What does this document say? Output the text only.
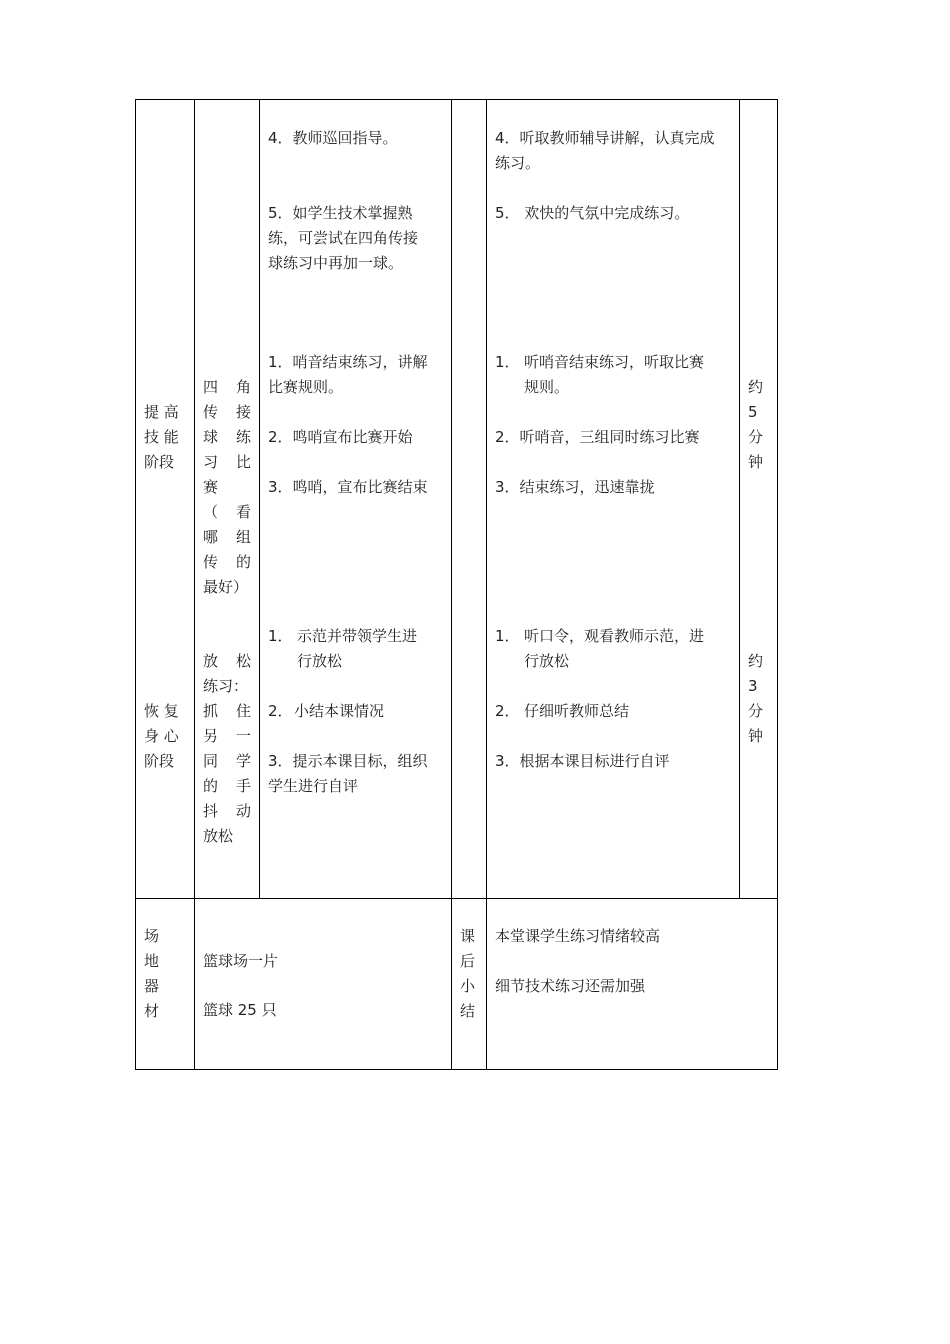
提 高
技 能
阶段
四 角
传 接
球 练
习 比
赛
（ 看
哪 组
传 的
最好）
4．教师巡回指导。
5．如学生技术掌握熟
练，可尝试在四角传接
球练习中再加一球。
1．哨音结束练习，讲解
比赛规则。
2．鸣哨宣布比赛开始
3．鸣哨，宣布比赛结束
4．听取教师辅导讲解，认真完成
练习。
5． 欢快的气氛中完成练习。
1． 听哨音结束练习，听取比赛
规则。
2．听哨音，三组同时练习比赛
3．结束练习，迅速靠拢
约
5
分
钟
恢 复
身 心
阶段
放 松
练习：
抓 住
另 一
同 学
的 手
抖 动
放松
1． 示范并带领学生进
行放松
2． 小结本课情况
3．提示本课目标，组织
学生进行自评
1． 听口令，观看教师示范，进
行放松
2． 仔细听教师总结
3．根据本课目标进行自评
约
3
分
钟
场
地
器
材
篮球场一片
篮球 25 只
课
后
小
结
本堂课学生练习情绪较高
细节技术练习还需加强
